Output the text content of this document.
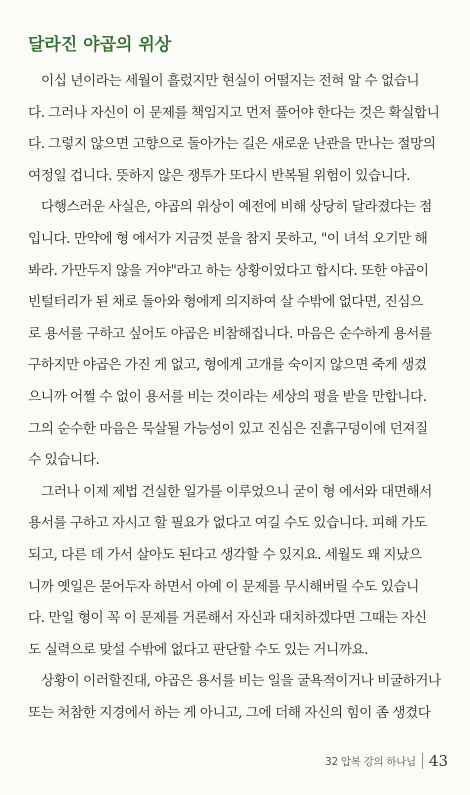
달라진 야곱의 위상
이십 년이라는 세월이 흘렀지만 현실이 어떨지는 전혀 알 수 없습니
다. 그러나 자신이 이 문제를 책임지고 먼저 풀어야 한다는 것은 확실합니
다. 그렇지 않으면 고향으로 돌아가는 길은 새로운 난관을 만나는 절망의
여정일 겁니다. 뜻하지 않은 쟁투가 또다시 반복될 위험이 있습니다.
다행스러운 사실은, 야곱의 위상이 예전에 비해 상당히 달라졌다는 점
입니다. 만약에 형 에서가 지금껏 분을 참지 못하고, "이 녀석 오기만 해
봐라. 가만두지 않을 거야"라고 하는 상황이었다고 합시다. 또한 야곱이
빈털터리가 된 채로 돌아와 형에게 의지하여 살 수밖에 없다면, 진심으
로 용서를 구하고 싶어도 야곱은 비참해집니다. 마음은 순수하게 용서를
구하지만 야곱은 가진 게 없고, 형에게 고개를 숙이지 않으면 죽게 생겼
으니까 어쩔 수 없이 용서를 비는 것이라는 세상의 평을 받을 만합니다.
그의 순수한 마음은 묵살될 가능성이 있고 진심은 진흙구덩이에 던져질
수 있습니다.
그러나 이제 제법 건실한 일가를 이루었으니 굳이 형 에서와 대면해서
용서를 구하고 자시고 할 필요가 없다고 여길 수도 있습니다. 피해 가도
되고, 다른 데 가서 살아도 된다고 생각할 수 있지요. 세월도 꽤 지났으
니까 옛일은 묻어두자 하면서 아예 이 문제를 무시해버릴 수도 있습니
다. 만일 형이 꼭 이 문제를 거론해서 자신과 대치하겠다면 그때는 자신
도 실력으로 맞설 수밖에 없다고 판단할 수도 있는 거니까요.
상황이 이러할진대, 야곱은 용서를 비는 일을 굴욕적이거나 비굴하거나
또는 처참한 지경에서 하는 게 아니고, 그에 더해 자신의 힘이 좀 생겼다
32 압복 강의 하나님 43
